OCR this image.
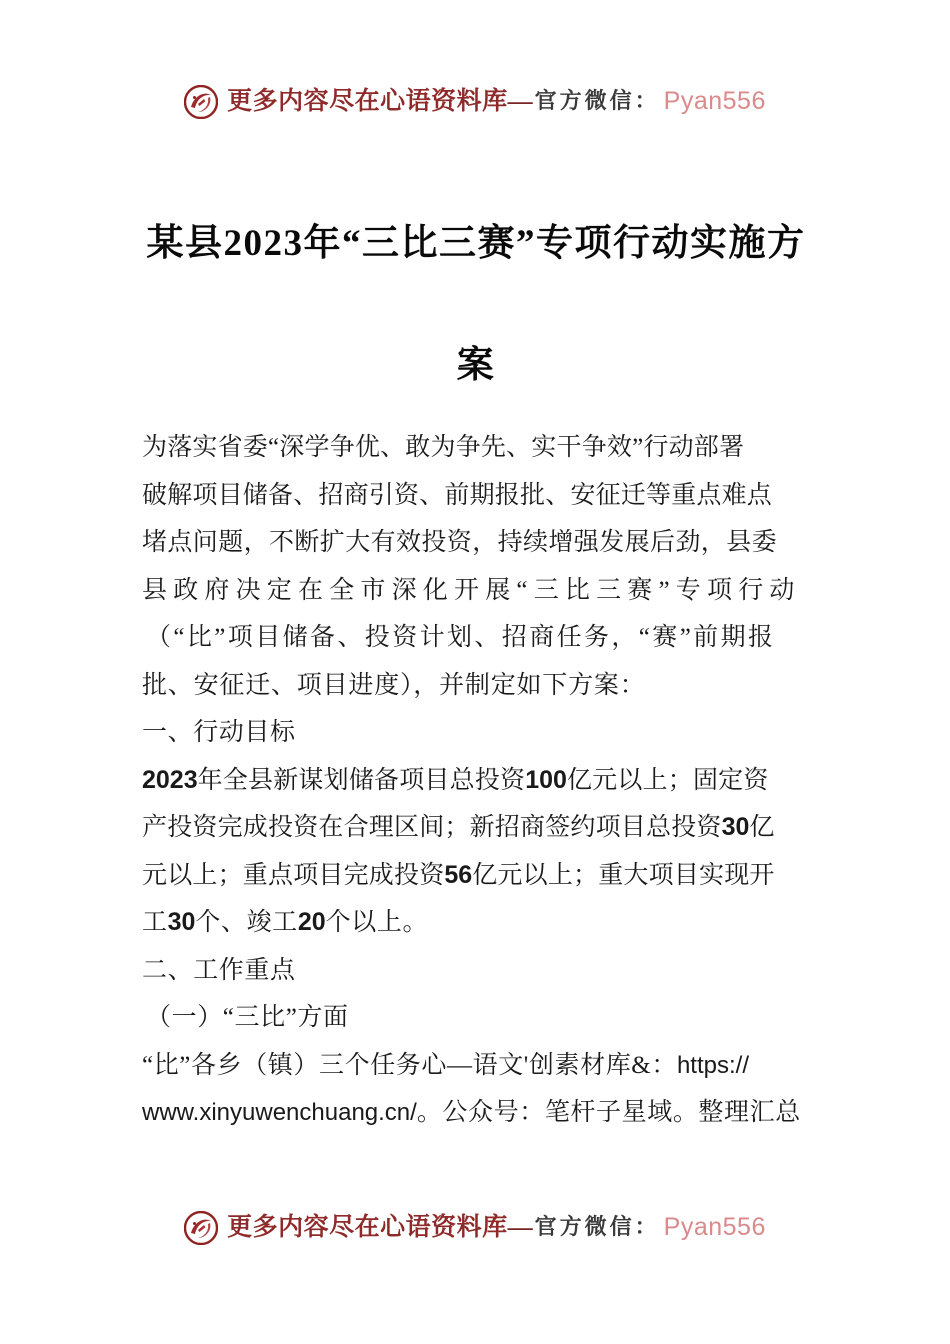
更多内容尽在心语资料库 — 官方微信： Pyan556
某县2023年“三比三赛”专项行动实施方
案
为落实省委“深学争优、敢为争先、实干争效”行动部署
破解项目储备、招商引资、前期报批、安征迁等重点难点
堵点问题，不断扩大有效投资，持续增强发展后劲，县委
县政府决定在全市深化开展“三比三赛”专项行动
（“比”项目储备、投资计划、招商任务，“赛”前期报
批、安征迁、项目进度），并制定如下方案：
一、行动目标
2023年全县新谋划储备项目总投资100亿元以上；固定资
产投资完成投资在合理区间；新招商签约项目总投资30亿
元以上；重点项目完成投资56亿元以上；重大项目实现开
工30个、竣工20个以上。
二、工作重点
（一）“三比”方面
“比”各乡（镇）三个任务心—语文'创素材库&：https://
www.xinyuwenchuang.cn/。公众号：笔杆子星域。整理汇总
更多内容尽在心语资料库 — 官方微信： Pyan556
